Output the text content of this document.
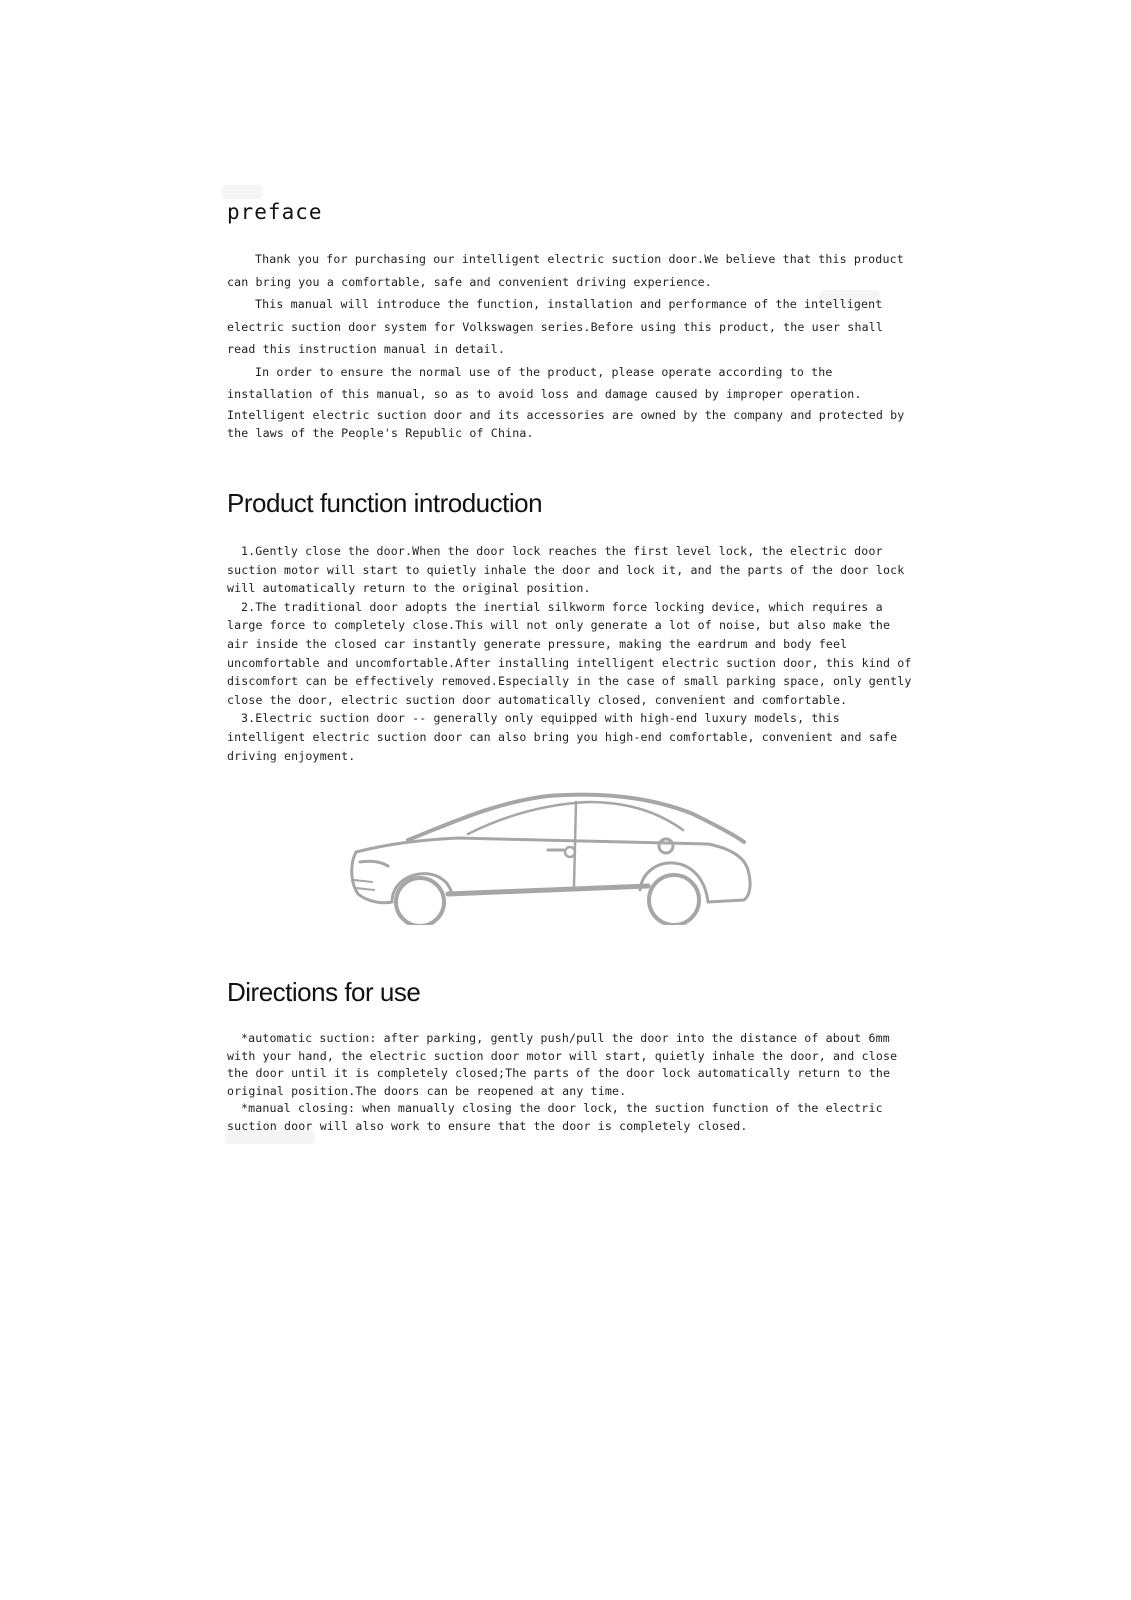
preface

Thank you for purchasing our intelligent electric suction door.We believe that this product can bring you a comfortable, safe and convenient driving experience.

This manual will introduce the function, installation and performance of the intelligent electric suction door system for Volkswagen series.Before using this product, the user shall read this instruction manual in detail.

In order to ensure the normal use of the product, please operate according to the installation of this manual, so as to avoid loss and damage caused by improper operation.

Intelligent electric suction door and its accessories are owned by the company and protected by the laws of the People's Republic of China.

Product function introduction

1.Gently close the door.When the door lock reaches the first level lock, the electric door suction motor will start to quietly inhale the door and lock it, and the parts of the door lock will automatically return to the original position.

2.The traditional door adopts the inertial silkworm force locking device, which requires a large force to completely close.This will not only generate a lot of noise, but also make the air inside the closed car instantly generate pressure, making the eardrum and body feel uncomfortable and uncomfortable.After installing intelligent electric suction door, this kind of discomfort can be effectively removed.Especially in the case of small parking space, only gently close the door, electric suction door automatically closed, convenient and comfortable.

3.Electric suction door -- generally only equipped with high-end luxury models, this intelligent electric suction door can also bring you high-end comfortable, convenient and safe driving enjoyment.

Directions for use

*automatic suction: after parking, gently push/pull the door into the distance of about 6mm with your hand, the electric suction door motor will start, quietly inhale the door, and close the door until it is completely closed;The parts of the door lock automatically return to the original position.The doors can be reopened at any time.

*manual closing: when manually closing the door lock, the suction function of the electric suction door will also work to ensure that the door is completely closed.
